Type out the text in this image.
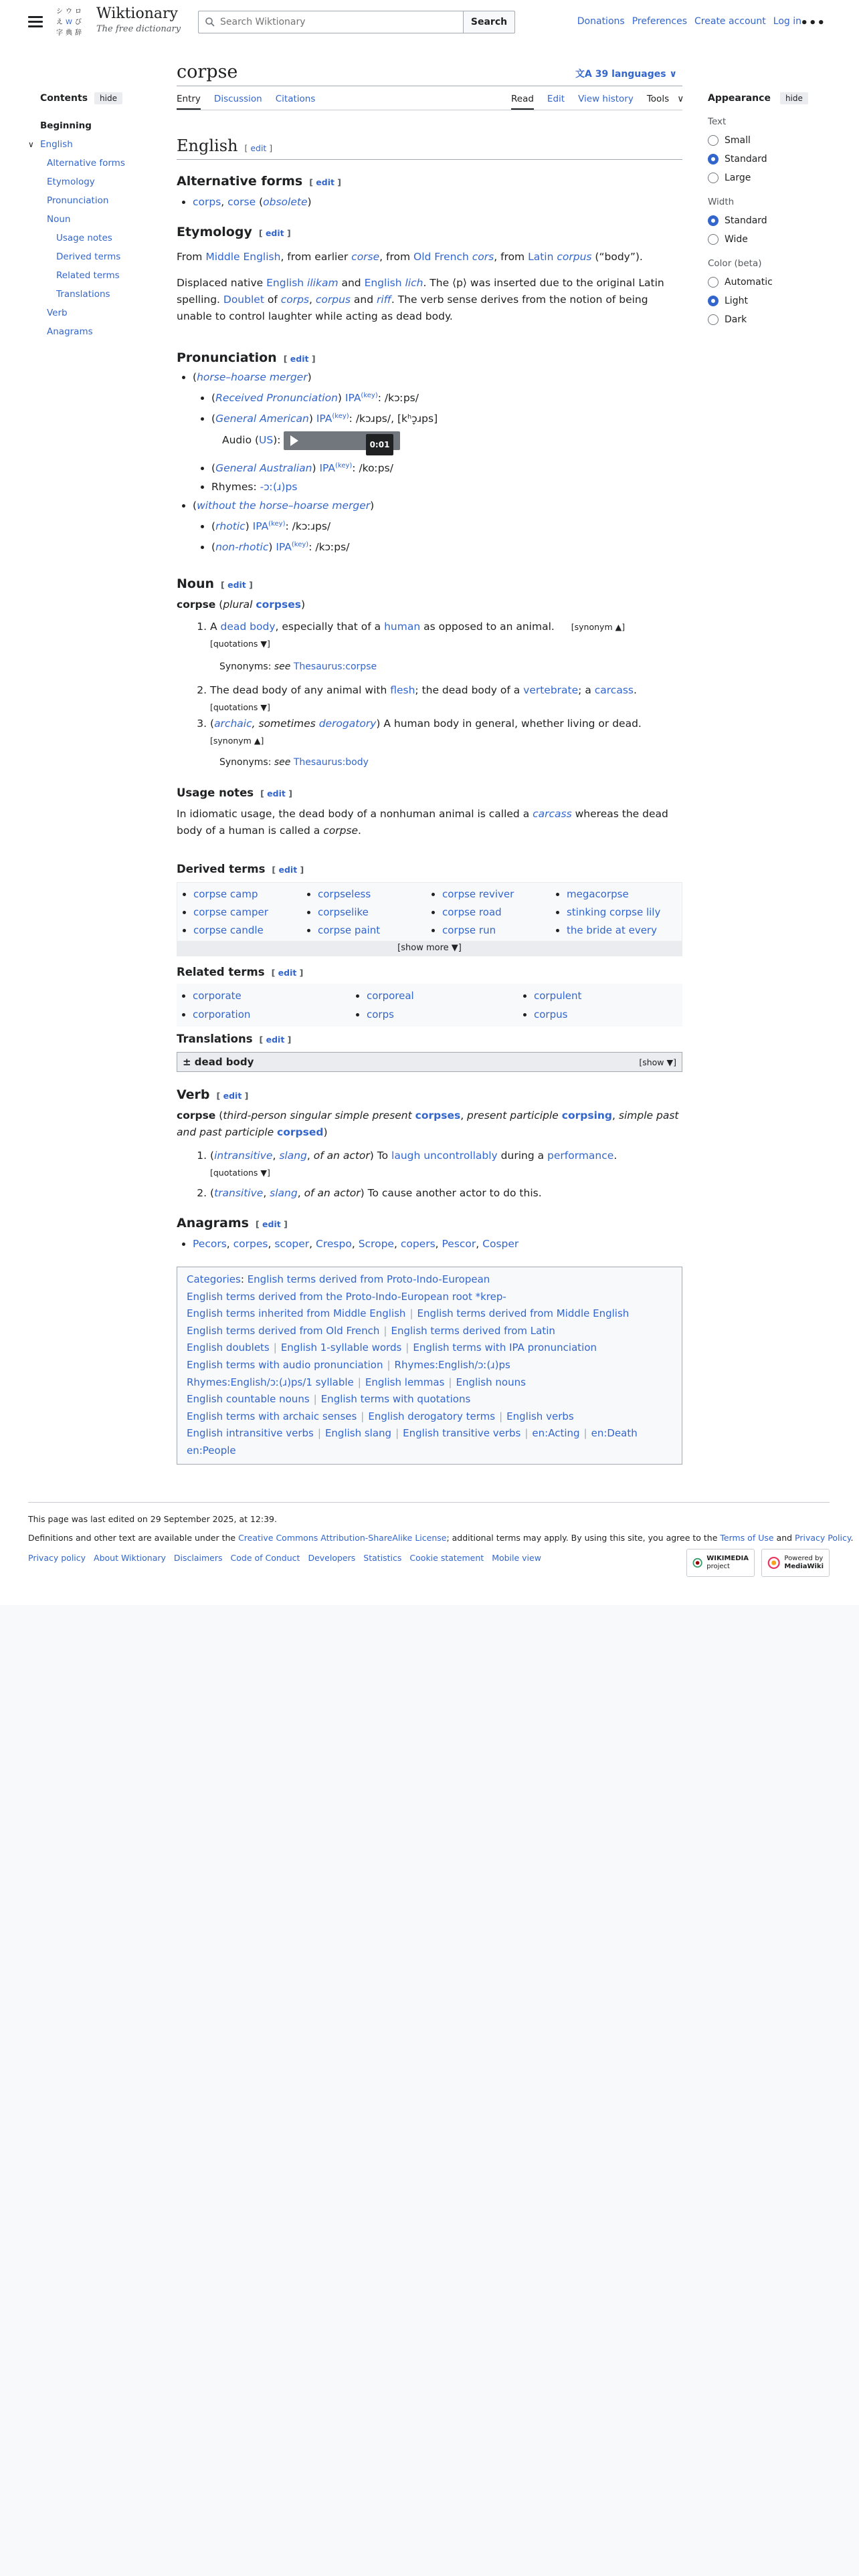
シ ウ ロ
え W び
字 典 辞
Wiktionary
The free dictionary
Search Wiktionary
Search	Donations Preferences Create account Log in
•••
Contents	hide
Beginning
∨ English
Alternative forms
Etymology
Pronunciation
Noun
Usage notes
Derived terms
Related terms
Translations
Verb
Anagrams
corpse	文A 39 languages ∨
Entry Discussion Citations	Read Edit View history Tools ∨	Appearance	hide
Text
Small
Standard
Large
Width
Standard
Wide
Color (beta)
Automatic
Light
Dark
English [ edit ]
Alternative forms [ edit ]
• corps, corse (obsolete)
Etymology [ edit ]

From Middle English, from earlier corse, from Old French cors, from Latin corpus (“body”).

Displaced native English ilikam and English lich. The ⟨p⟩ was inserted due to the original Latin spelling. Doublet of corps, corpus and riff. The verb sense derives from the notion of being unable to control laughter while acting as dead body.

Pronunciation [ edit ]
• (horse–hoarse merger)
• (Received Pronunciation) $IPA^{(key)}$: /kɔːps/
• (General American) $IPA^{(key)}$: /kɔɹps/, [kʰɔ̞ɹps]
Audio (US):	0:01
• (General Australian) $IPA^{(key)}$: /koːps/
• Rhymes: -ɔː(ɹ)ps
• (without the horse–hoarse merger)
• (rhotic) $IPA^{(key)}$: /kɔːɹps/
• (non-rhotic) $IPA^{(key)}$: /kɔːps/
Noun [ edit ]

corpse (plural corpses)

1. A dead body, especially that of a human as opposed to an animal. [synonym ▲]
[quotations ▼]
Synonyms: see Thesaurus:corpse
2. The dead body of any animal with flesh; the dead body of a vertebrate; a carcass.
[quotations ▼]
3. (archaic, sometimes derogatory) A human body in general, whether living or dead.
[synonym ▲]
Synonyms: see Thesaurus:body
Usage notes [ edit ]

In idiomatic usage, the dead body of a nonhuman animal is called a carcass whereas the dead body of a human is called a corpse.

Derived terms [ edit ]
• corpse camp	• corpseless	• corpse reviver	• megacorpse
• corpse camper	• corpselike	• corpse road	• stinking corpse lily
• corpse candle	• corpse paint	• corpse run	• the bride at every
[show more ▼]
Related terms [ edit ]
• corporate	• corporeal	• corpulent
• corporation	• corps	• corpus
Translations [ edit ]
± dead body	[show ▼]
Verb [ edit ]

corpse (third-person singular simple present corpses, present participle corpsing, simple past and past participle corpsed)

1. (intransitive, slang, of an actor) To laugh uncontrollably during a performance.
[quotations ▼]
2. (transitive, slang, of an actor) To cause another actor to do this.
Anagrams [ edit ]
• Pecors, corpes, scoper, Crespo, Scrope, copers, Pescor, Cosper
Categories: English terms derived from Proto-Indo-European
English terms derived from the Proto-Indo-European root *krep-
English terms inherited from Middle English | English terms derived from Middle English
English terms derived from Old French | English terms derived from Latin
English doublets | English 1-syllable words | English terms with IPA pronunciation
English terms with audio pronunciation | Rhymes:English/ɔː(ɹ)ps
Rhymes:English/ɔː(ɹ)ps/1 syllable | English lemmas | English nouns
English countable nouns | English terms with quotations
English terms with archaic senses | English derogatory terms | English verbs
English intransitive verbs | English slang | English transitive verbs | en:Acting | en:Death
en:People
This page was last edited on 29 September 2025, at 12:39.
Definitions and other text are available under the Creative Commons Attribution-ShareAlike License; additional terms may apply. By using this site, you agree to the Terms of Use and Privacy Policy.
Privacy policy About Wiktionary Disclaimers Code of Conduct Developers Statistics Cookie statement Mobile view	WIKIMEDIA
project
Powered by
MediaWiki
